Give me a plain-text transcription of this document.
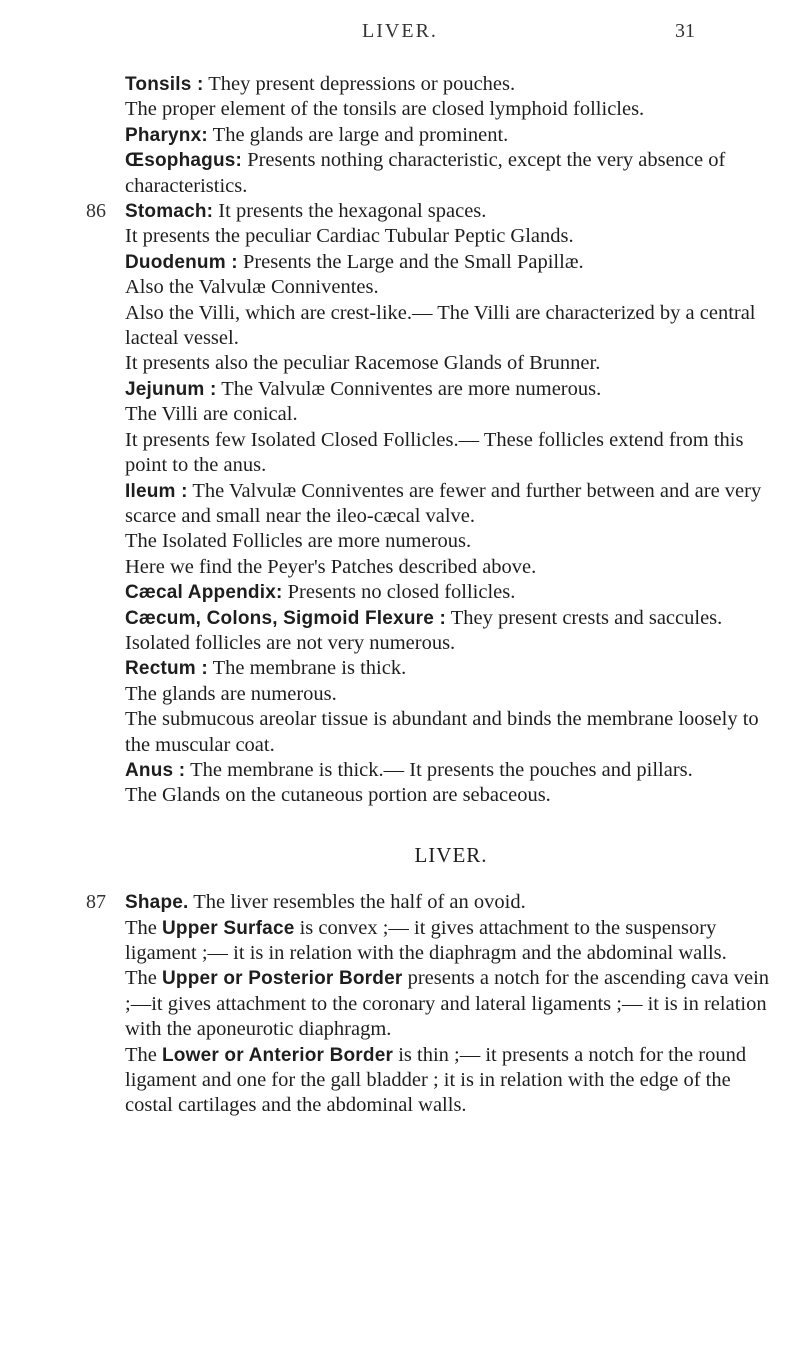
LIVER.	31

Tonsils : They present depressions or pouches.

The proper element of the tonsils are closed lymphoid follicles.

Pharynx: The glands are large and prominent.

Œsophagus: Presents nothing characteristic, except the very absence of characteristics.

86 Stomach: It presents the hexagonal spaces.

It presents the peculiar Cardiac Tubular Peptic Glands.

Duodenum : Presents the Large and the Small Papillæ.

Also the Valvulæ Conniventes.

Also the Villi, which are crest-like.— The Villi are characterized by a central lacteal vessel.

It presents also the peculiar Racemose Glands of Brunner.

Jejunum : The Valvulæ Conniventes are more numerous.

The Villi are conical.

It presents few Isolated Closed Follicles.— These follicles extend from this point to the anus.

Ileum : The Valvulæ Conniventes are fewer and further between and are very scarce and small near the ileo-cæcal valve.

The Isolated Follicles are more numerous.

Here we find the Peyer's Patches described above.

Cæcal Appendix: Presents no closed follicles.

Cæcum, Colons, Sigmoid Flexure : They present crests and saccules.

Isolated follicles are not very numerous.

Rectum : The membrane is thick.

The glands are numerous.

The submucous areolar tissue is abundant and binds the membrane loosely to the muscular coat.

Anus : The membrane is thick.— It presents the pouches and pillars.

The Glands on the cutaneous portion are sebaceous.

LIVER.
87 Shape. The liver resembles the half of an ovoid.

The Upper Surface is convex ;— it gives attachment to the suspensory ligament ;— it is in relation with the diaphragm and the abdominal walls.

The Upper or Posterior Border presents a notch for the ascending cava vein ;—it gives attachment to the coronary and lateral ligaments ;— it is in relation with the aponeurotic diaphragm.

The Lower or Anterior Border is thin ;— it presents a notch for the round ligament and one for the gall bladder ; it is in relation with the edge of the costal cartilages and the abdominal walls.
